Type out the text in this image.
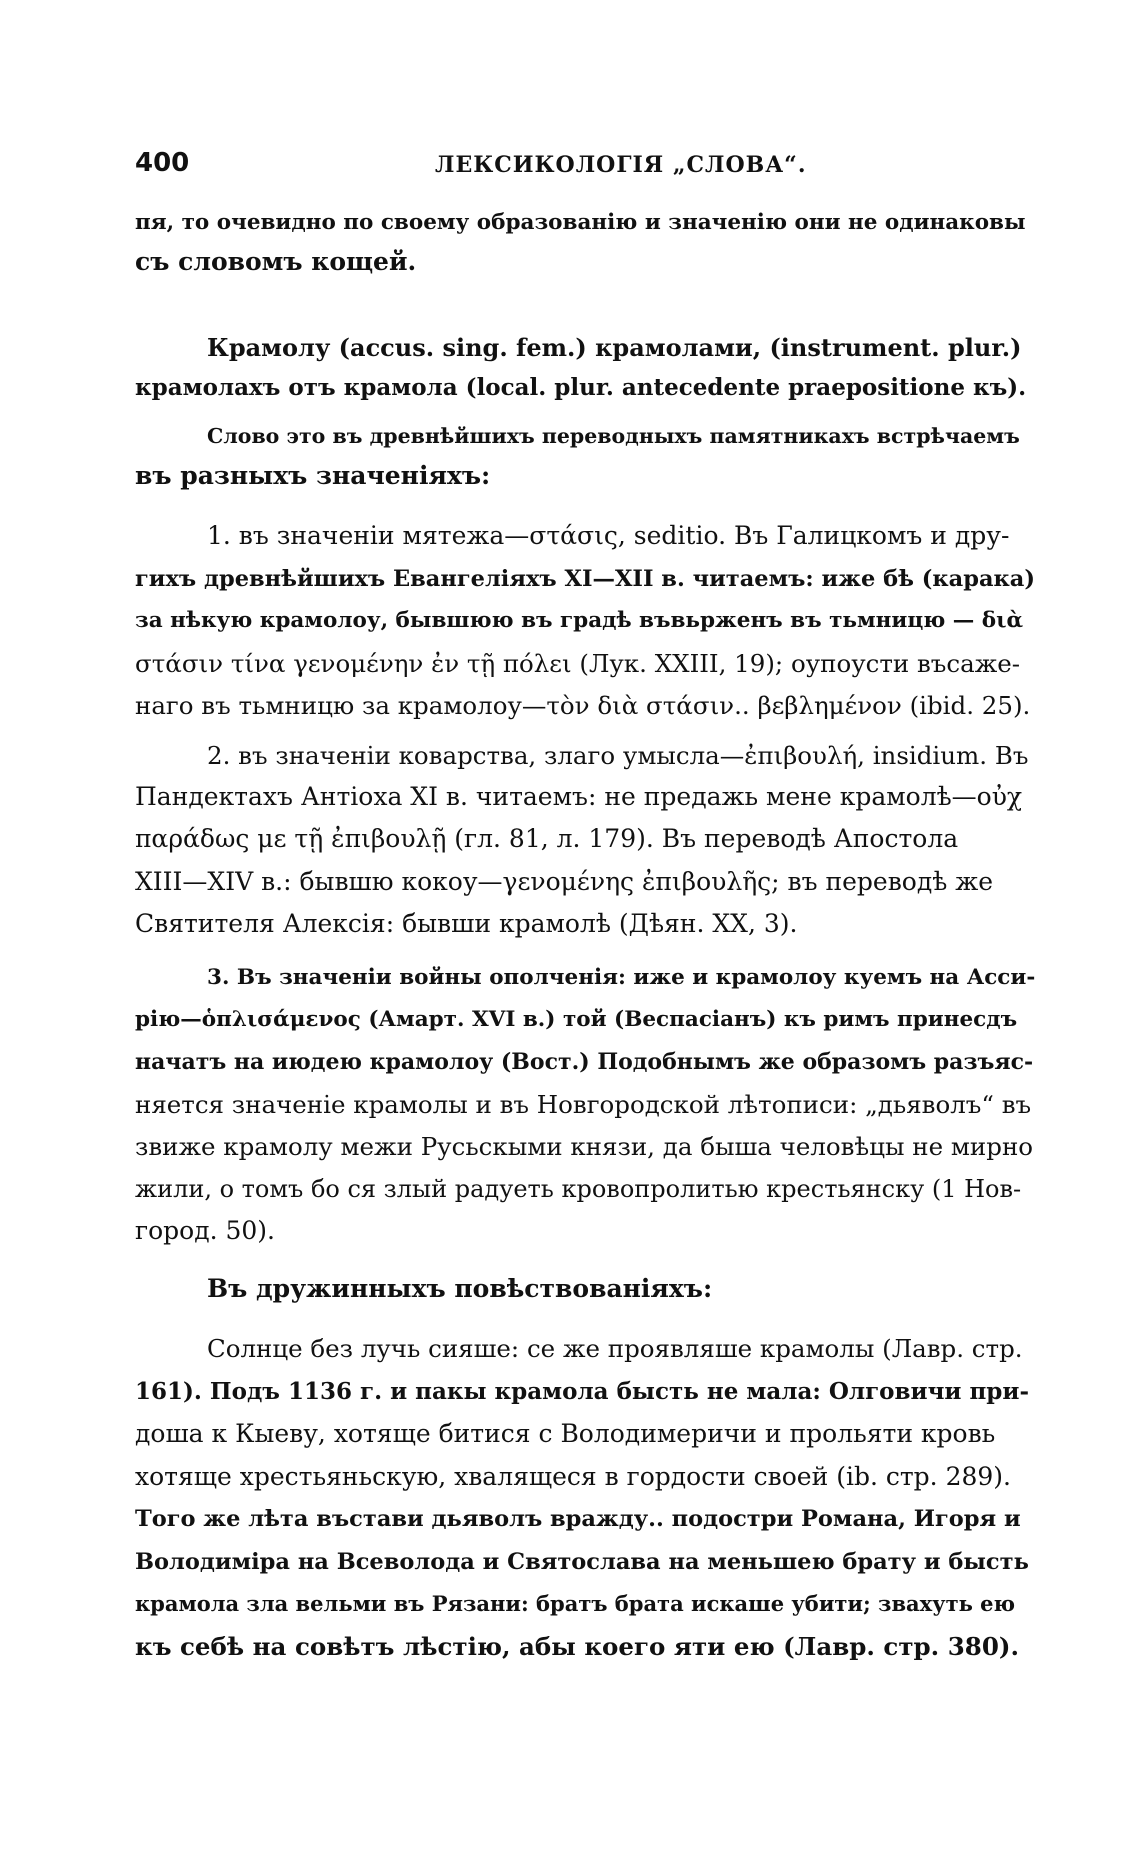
400	ЛЕКСИКОЛОГІЯ „СЛОВА“.
пя, то очевидно по своему образованію и значенію они не одинаковы
съ словомъ кощей.
Крамолу (accus. sing. fem.) крамолами, (instrument. plur.)
крамолахъ отъ крамола (local. plur. antecedente praepositione къ).
Слово это въ древнѣйшихъ переводныхъ памятникахъ встрѣчаемъ
въ разныхъ значеніяхъ:
1. въ значеніи мятежа—στάσις, seditio. Въ Галицкомъ и дру-
гихъ древнѣйшихъ Евангеліяхъ XI—XII в. читаемъ: иже бѣ (карака)
за нѣкую крамолоу, бывшюю въ градѣ въвьрженъ въ тьмницю — διὰ
στάσιν τίνα γενομένην ἐν τῇ πόλει (Лук. XXIII, 19); оупоусти въсаже-
наго въ тьмницю за крамолоу—τὸν διὰ στάσιν.. βεβλημένον (ibid. 25).
2. въ значеніи коварства, злаго умысла—ἐπιβουλή, insidium. Въ
Пандектахъ Антіоха XI в. читаемъ: не предажь мене крамолѣ—οὐχ
παράδως με τῇ ἐπιβουλῇ (гл. 81, л. 179). Въ переводѣ Апостола
XIII—XIV в.: бывшю кокоу—γενομένης ἐπιβουλῆς; въ переводѣ же
Святителя Алексія: бывши крамолѣ (Дѣян. XX, 3).
3. Въ значеніи войны ополченія: иже и крамолоу куемъ на Асси-
рію—ὁπλισάμενος (Амарт. XVI в.) той (Веспасіанъ) къ римъ принесдъ
начатъ на июдею крамолоу (Вост.) Подобнымъ же образомъ разъяс-
няется значеніе крамолы и въ Новгородской лѣтописи: „дьяволъ“ въ
звиже крамолу межи Русьскыми князи, да быша человѣцы не мирно
жили, о томъ бо ся злый радуеть кровопролитью крестьянску (1 Нов-
город. 50).
Въ дружинныхъ повѣствованіяхъ:
Солнце без лучь сияше: се же проявляше крамолы (Лавр. стр.
161). Подъ 1136 г. и пакы крамола бысть не мала: Олговичи при-
доша к Кыеву, хотяще битися с Володимеричи и прольяти кровь
хотяще хрестьяньскую, хвалящеся в гордости своей (ib. стр. 289).
Того же лѣта въстави дьяволъ вражду.. подостри Романа, Игоря и
Володиміра на Всеволода и Святослава на меньшею брату и бысть
крамола зла вельми въ Рязани: братъ брата искаше убити; звахуть ею
къ себѣ на совѣтъ лѣстію, абы коего яти ею (Лавр. стр. 380).
